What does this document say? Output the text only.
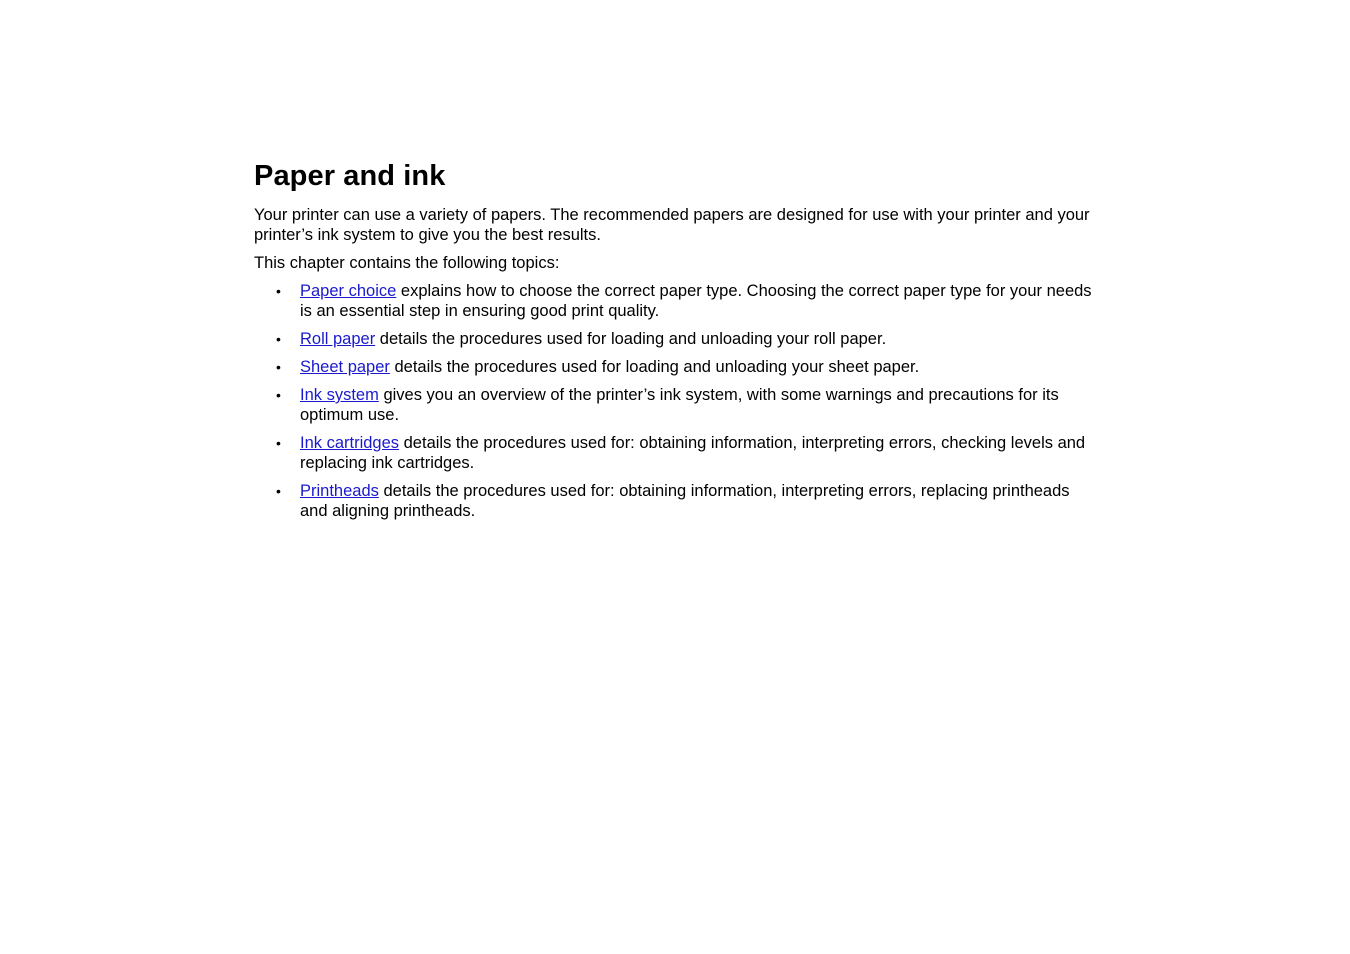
Paper and ink

Your printer can use a variety of papers. The recommended papers are designed for use with your printer and your printer’s ink system to give you the best results.

This chapter contains the following topics:

• Paper choice explains how to choose the correct paper type. Choosing the correct paper type for your needs is an essential step in ensuring good print quality.
• Roll paper details the procedures used for loading and unloading your roll paper.
• Sheet paper details the procedures used for loading and unloading your sheet paper.
• Ink system gives you an overview of the printer’s ink system, with some warnings and precautions for its optimum use.
• Ink cartridges details the procedures used for: obtaining information, interpreting errors, checking levels and replacing ink cartridges.
• Printheads details the procedures used for: obtaining information, interpreting errors, replacing printheads and aligning printheads.
